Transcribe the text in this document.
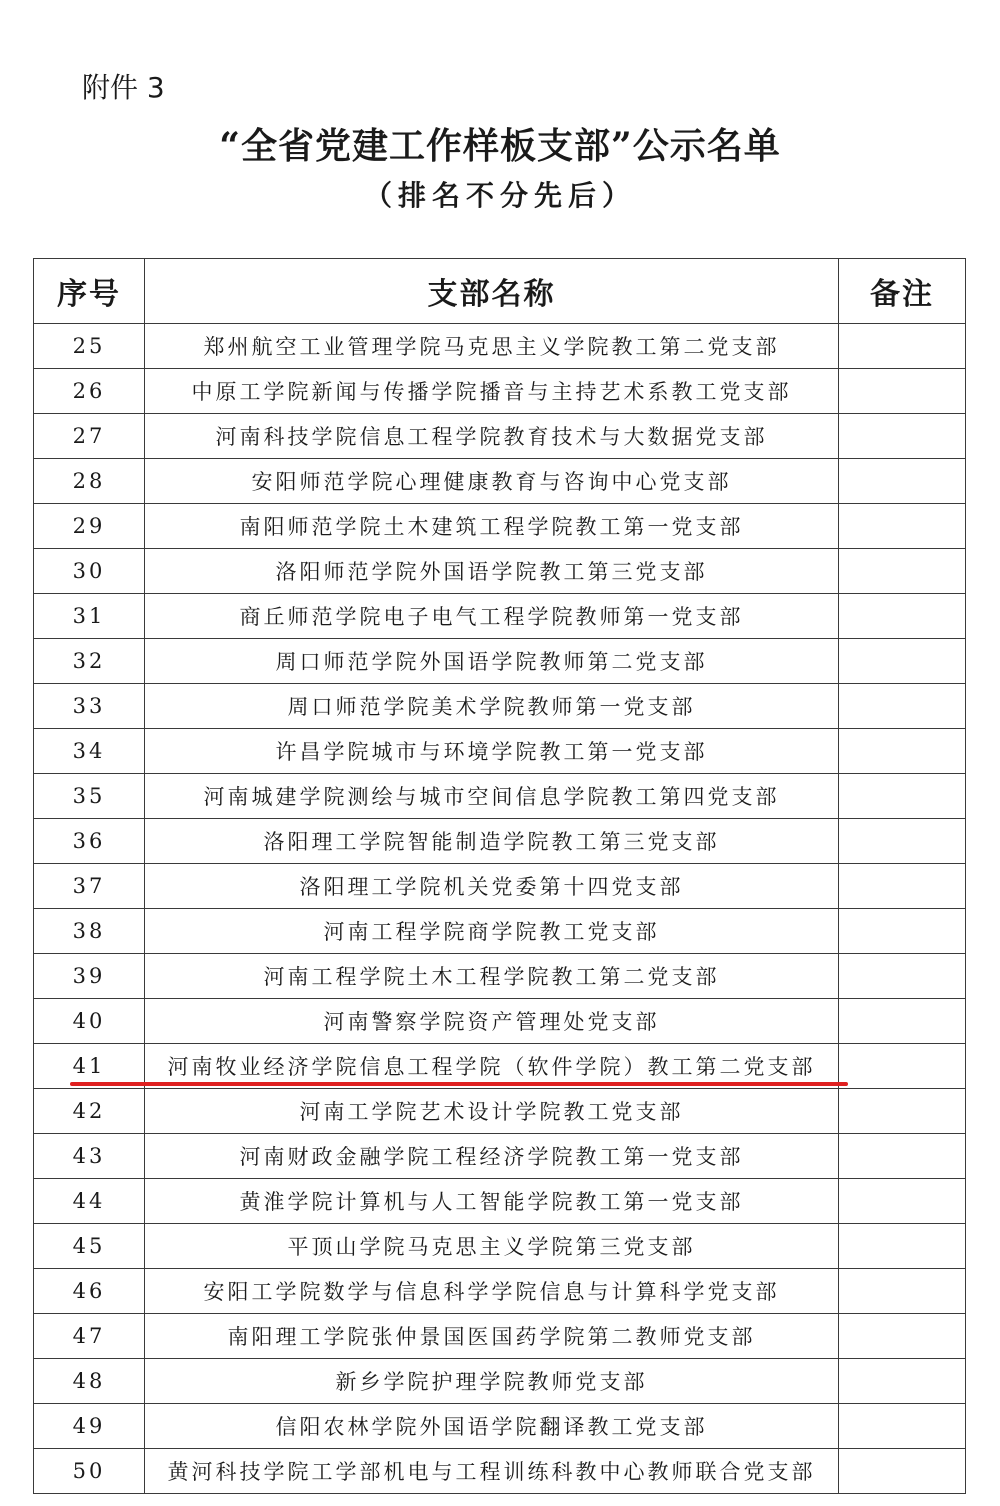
附件 3
“全省党建工作样板支部”公示名单
（排名不分先后）
序号	支部名称	备注
25	郑州航空工业管理学院马克思主义学院教工第二党支部	
26	中原工学院新闻与传播学院播音与主持艺术系教工党支部	
27	河南科技学院信息工程学院教育技术与大数据党支部	
28	安阳师范学院心理健康教育与咨询中心党支部	
29	南阳师范学院土木建筑工程学院教工第一党支部	
30	洛阳师范学院外国语学院教工第三党支部	
31	商丘师范学院电子电气工程学院教师第一党支部	
32	周口师范学院外国语学院教师第二党支部	
33	周口师范学院美术学院教师第一党支部	
34	许昌学院城市与环境学院教工第一党支部	
35	河南城建学院测绘与城市空间信息学院教工第四党支部	
36	洛阳理工学院智能制造学院教工第三党支部	
37	洛阳理工学院机关党委第十四党支部	
38	河南工程学院商学院教工党支部	
39	河南工程学院土木工程学院教工第二党支部	
40	河南警察学院资产管理处党支部	
41	河南牧业经济学院信息工程学院（软件学院）教工第二党支部	
42	河南工学院艺术设计学院教工党支部	
43	河南财政金融学院工程经济学院教工第一党支部	
44	黄淮学院计算机与人工智能学院教工第一党支部	
45	平顶山学院马克思主义学院第三党支部	
46	安阳工学院数学与信息科学学院信息与计算科学党支部	
47	南阳理工学院张仲景国医国药学院第二教师党支部	
48	新乡学院护理学院教师党支部	
49	信阳农林学院外国语学院翻译教工党支部	
50	黄河科技学院工学部机电与工程训练科教中心教师联合党支部	
